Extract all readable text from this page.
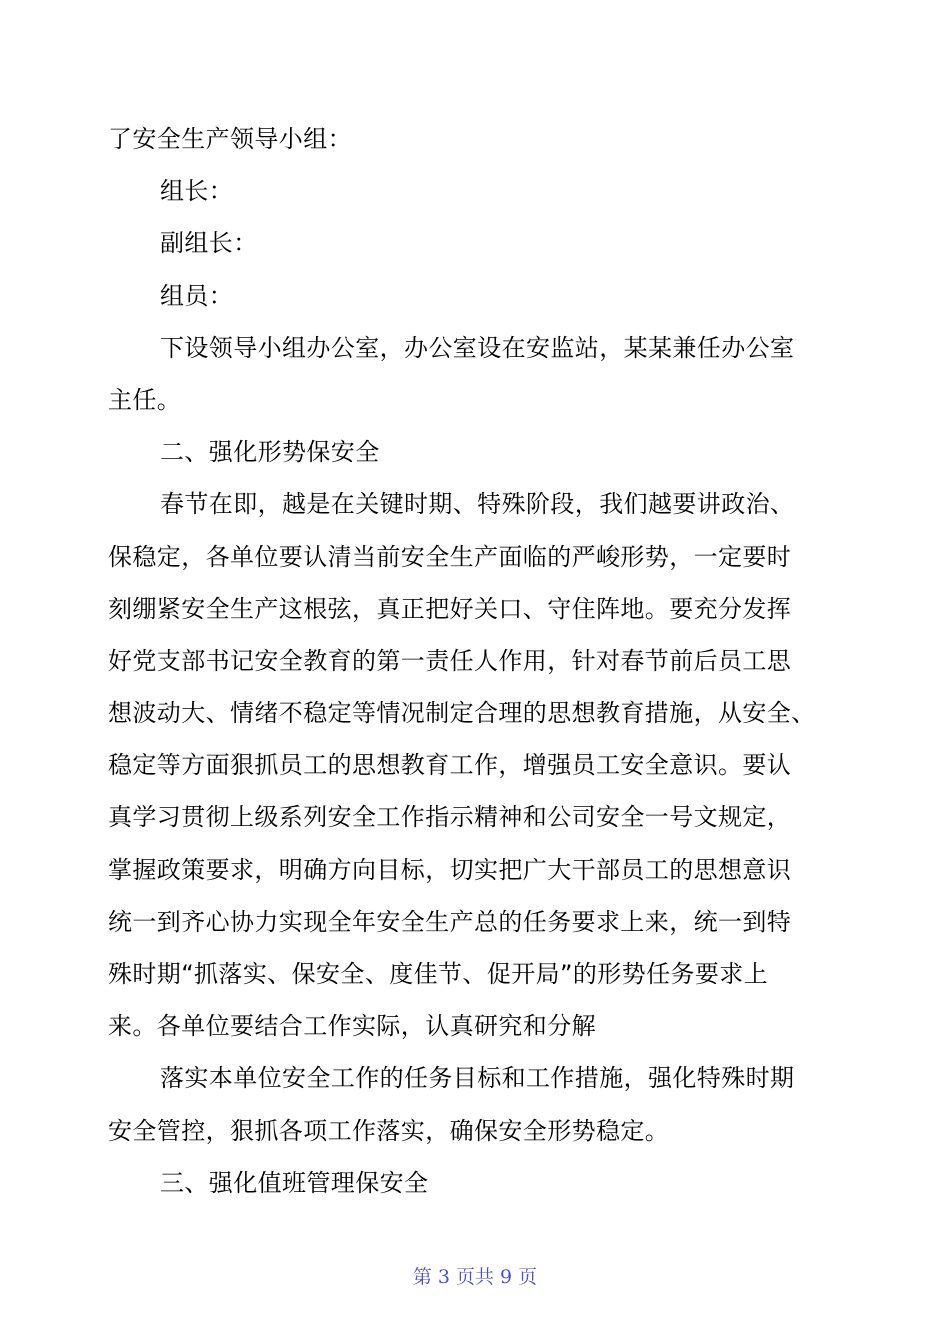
了安全生产领导小组：
组长：
副组长：
组员：
下设领导小组办公室，办公室设在安监站，某某兼任办公室
主任。
二、强化形势保安全
春节在即，越是在关键时期、特殊阶段，我们越要讲政治、
保稳定，各单位要认清当前安全生产面临的严峻形势，一定要时
刻绷紧安全生产这根弦，真正把好关口、守住阵地。要充分发挥
好党支部书记安全教育的第一责任人作用，针对春节前后员工思
想波动大、情绪不稳定等情况制定合理的思想教育措施，从安全、
稳定等方面狠抓员工的思想教育工作，增强员工安全意识。要认
真学习贯彻上级系列安全工作指示精神和公司安全一号文规定，
掌握政策要求，明确方向目标，切实把广大干部员工的思想意识
统一到齐心协力实现全年安全生产总的任务要求上来，统一到特
殊时期“抓落实、保安全、度佳节、促开局”的形势任务要求上
来。各单位要结合工作实际，认真研究和分解
落实本单位安全工作的任务目标和工作措施，强化特殊时期
安全管控，狠抓各项工作落实，确保安全形势稳定。
三、强化值班管理保安全
第 3 页共 9 页
